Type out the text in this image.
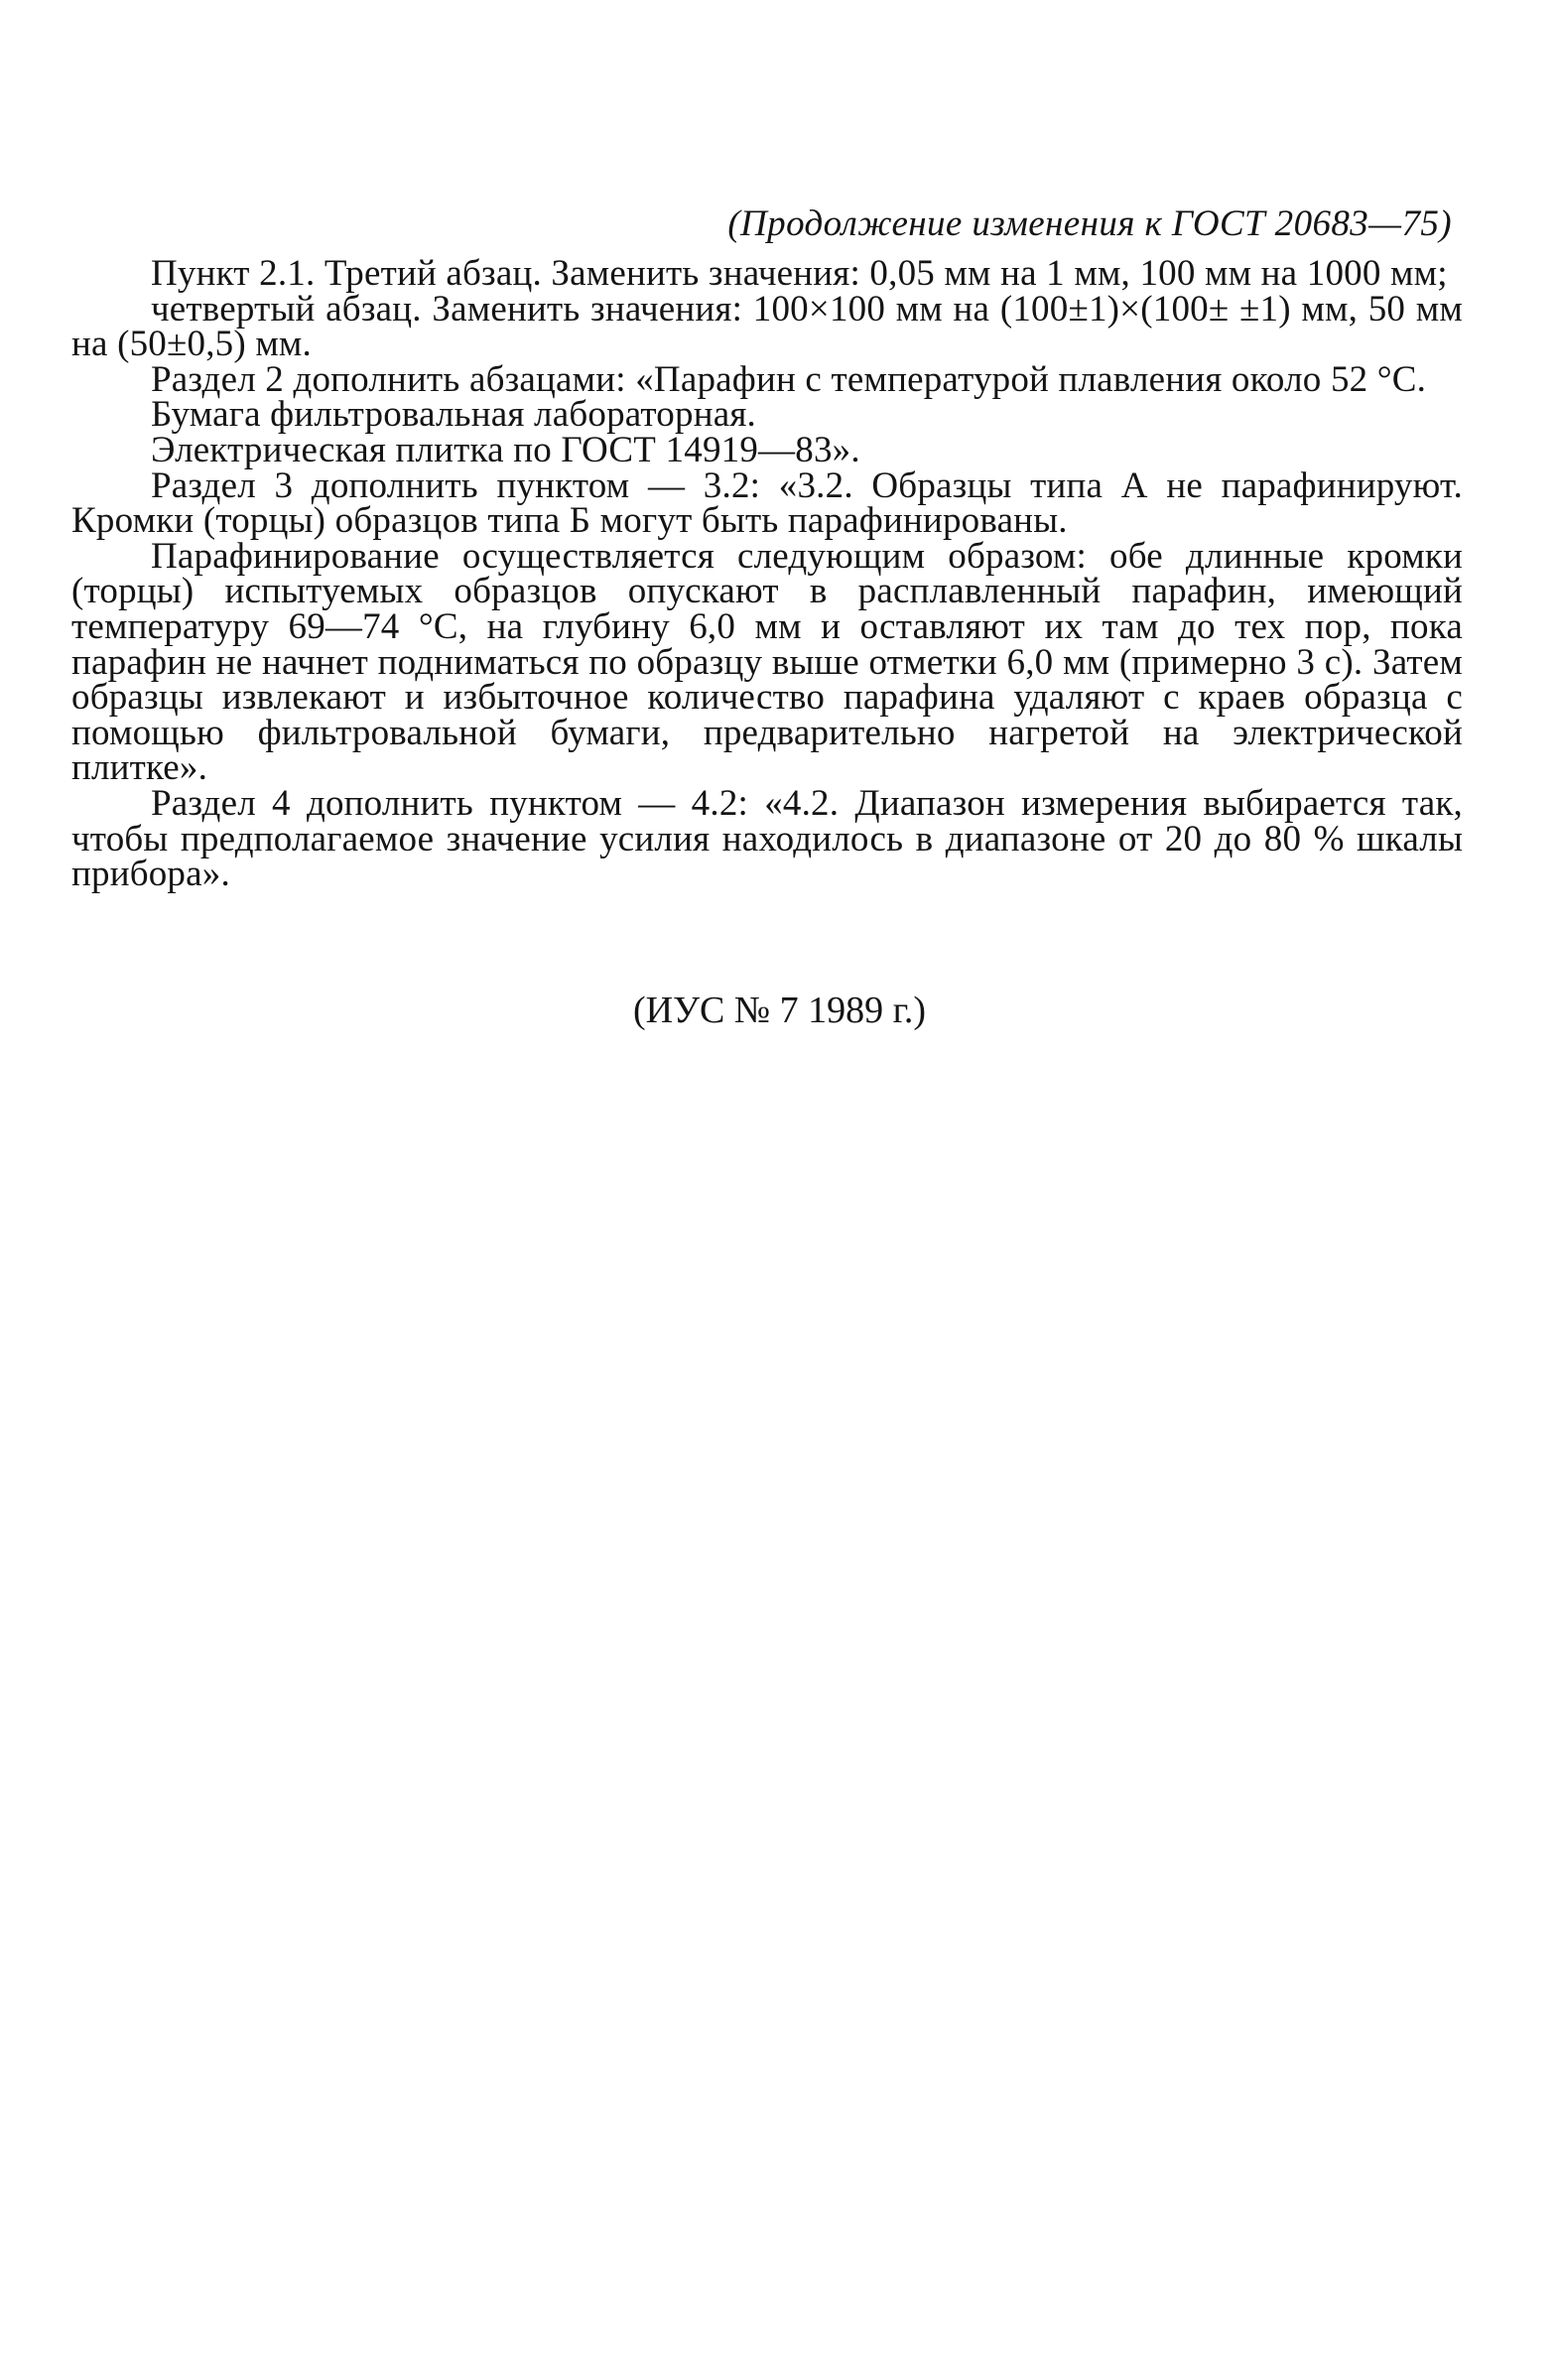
(Продолжение изменения к ГОСТ 20683—75)

Пункт 2.1. Третий абзац. Заменить значения: 0,05 мм на 1 мм, 100 мм на 1000 мм;

четвертый абзац. Заменить значения: 100×100 мм на (100±1)×(100± ±1) мм, 50 мм на (50±0,5) мм.

Раздел 2 дополнить абзацами: «Парафин с температурой плавления около 52 °С.

Бумага фильтровальная лабораторная.

Электрическая плитка по ГОСТ 14919—83».

Раздел 3 дополнить пунктом — 3.2: «3.2. Образцы типа А не парафинируют. Кромки (торцы) образцов типа Б могут быть парафинированы.

Парафинирование осуществляется следующим образом: обе длинные кромки (торцы) испытуемых образцов опускают в расплавленный парафин, имеющий температуру 69—74 °С, на глубину 6,0 мм и оставляют их там до тех пор, пока парафин не начнет подниматься по образцу выше отметки 6,0 мм (примерно 3 с). Затем образцы извлекают и избыточное количество парафина удаляют с краев образца с помощью фильтровальной бумаги, предварительно нагретой на электрической плитке».

Раздел 4 дополнить пунктом — 4.2: «4.2. Диапазон измерения выбирается так, чтобы предполагаемое значение усилия находилось в диапазоне от 20 до 80 % шкалы прибора».

(ИУС № 7 1989 г.)
